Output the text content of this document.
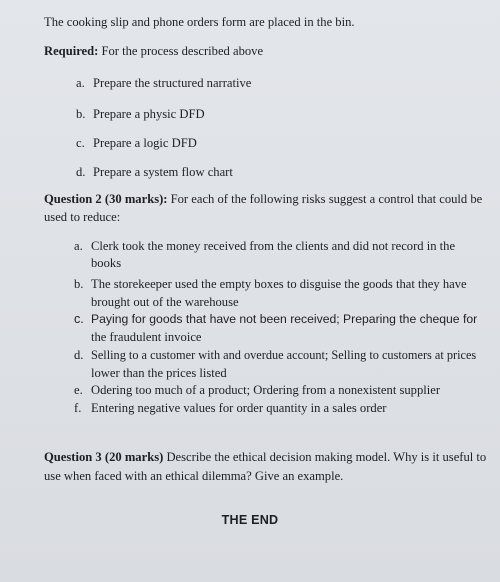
The cooking slip and phone orders form are placed in the bin.
Required: For the process described above
a. Prepare the structured narrative
b. Prepare a physic DFD
c. Prepare a logic DFD
d. Prepare a system flow chart
Question 2 (30 marks): For each of the following risks suggest a control that could be
used to reduce:
a. Clerk took the money received from the clients and did not record in the
books
b. The storekeeper used the empty boxes to disguise the goods that they have
brought out of the warehouse
c. Paying for goods that have not been received; Preparing the cheque for
the fraudulent invoice
d. Selling to a customer with and overdue account; Selling to customers at prices
lower than the prices listed
e. Odering too much of a product; Ordering from a nonexistent supplier
f. Entering negative values for order quantity in a sales order
Question 3 (20 marks) Describe the ethical decision making model. Why is it useful to
use when faced with an ethical dilemma? Give an example.
THE END
